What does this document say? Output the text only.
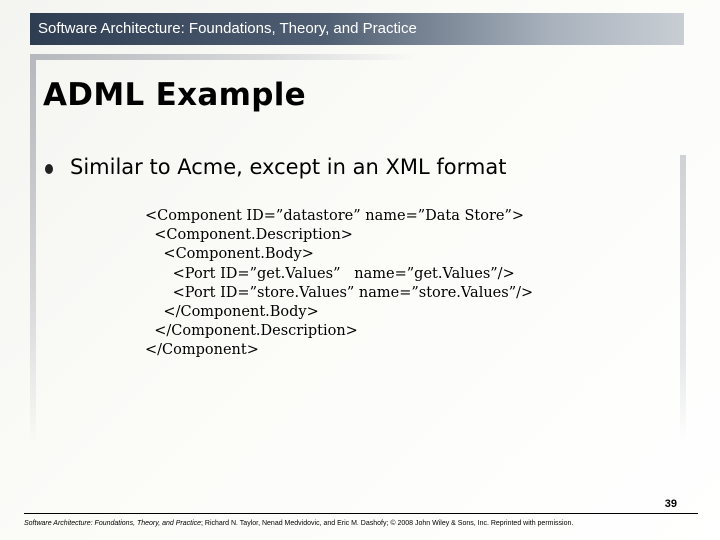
Software Architecture: Foundations, Theory, and Practice
ADML Example
Similar to Acme, except in an XML format
<Component ID=”datastore” name=”Data Store”>
<Component.Description>
<Component.Body>
<Port ID=”get.Values”   name=”get.Values”/>
<Port ID=”store.Values” name=”store.Values”/>
</Component.Body>
</Component.Description>
</Component>
39
Software Architecture: Foundations, Theory, and Practice; Richard N. Taylor, Nenad Medvidovic, and Eric M. Dashofy; © 2008 John Wiley & Sons, Inc. Reprinted with permission.
